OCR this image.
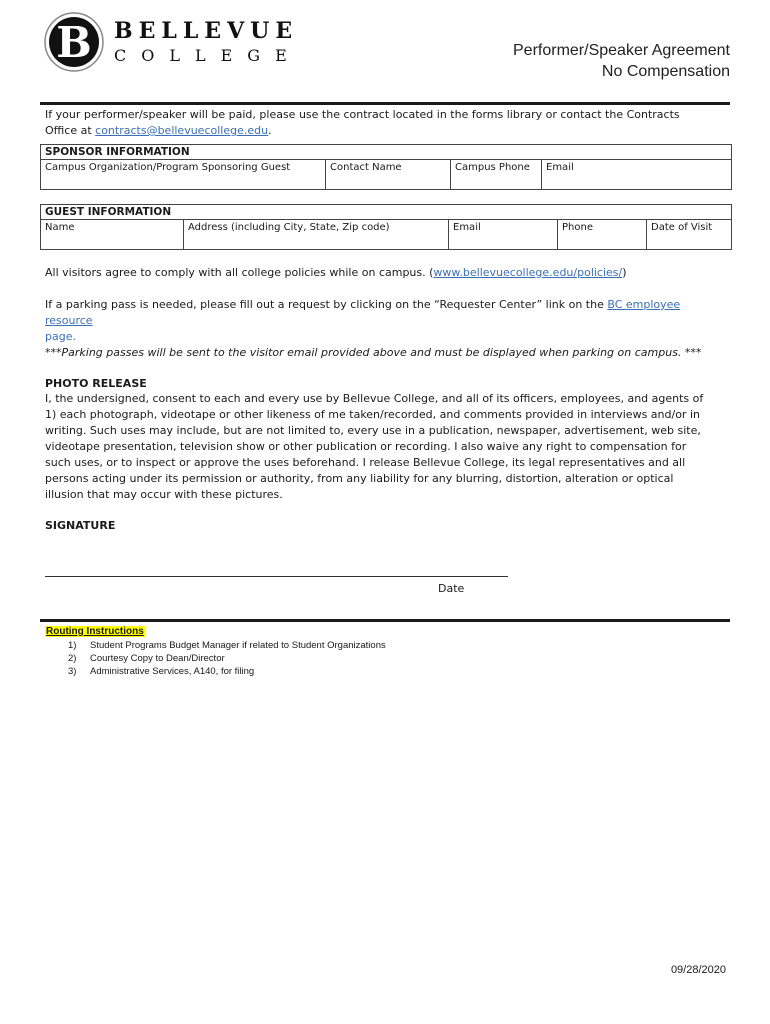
B BELLEVUE
COLLEGE	Performer/Speaker Agreement
No Compensation
If your performer/speaker will be paid, please use the contract located in the forms library or contact the Contracts Office at contracts@bellevuecollege.edu.
SPONSOR INFORMATION
Campus Organization/Program Sponsoring Guest	Contact Name	Campus Phone	Email
GUEST INFORMATION
Name	Address (including City, State, Zip code)	Email	Phone	Date of Visit
All visitors agree to comply with all college policies while on campus. (www.bellevuecollege.edu/policies/)
If a parking pass is needed, please fill out a request by clicking on the “Requester Center” link on the BC employee resource
page.
***Parking passes will be sent to the visitor email provided above and must be displayed when parking on campus. ***
PHOTO RELEASE
I, the undersigned, consent to each and every use by Bellevue College, and all of its officers, employees, and agents of 1) each photograph, videotape or other likeness of me taken/recorded, and comments provided in interviews and/or in writing. Such uses may include, but are not limited to, every use in a publication, newspaper, advertisement, web site, videotape presentation, television show or other publication or recording. I also waive any right to compensation for such uses, or to inspect or approve the uses beforehand. I release Bellevue College, its legal representatives and all persons acting under its permission or authority, from any liability for any blurring, distortion, alteration or optical illusion that may occur with these pictures.
SIGNATURE
Date
Routing Instructions
1)	Student Programs Budget Manager if related to Student Organizations
2)	Courtesy Copy to Dean/Director
3)	Administrative Services, A140, for filing
09/28/2020
